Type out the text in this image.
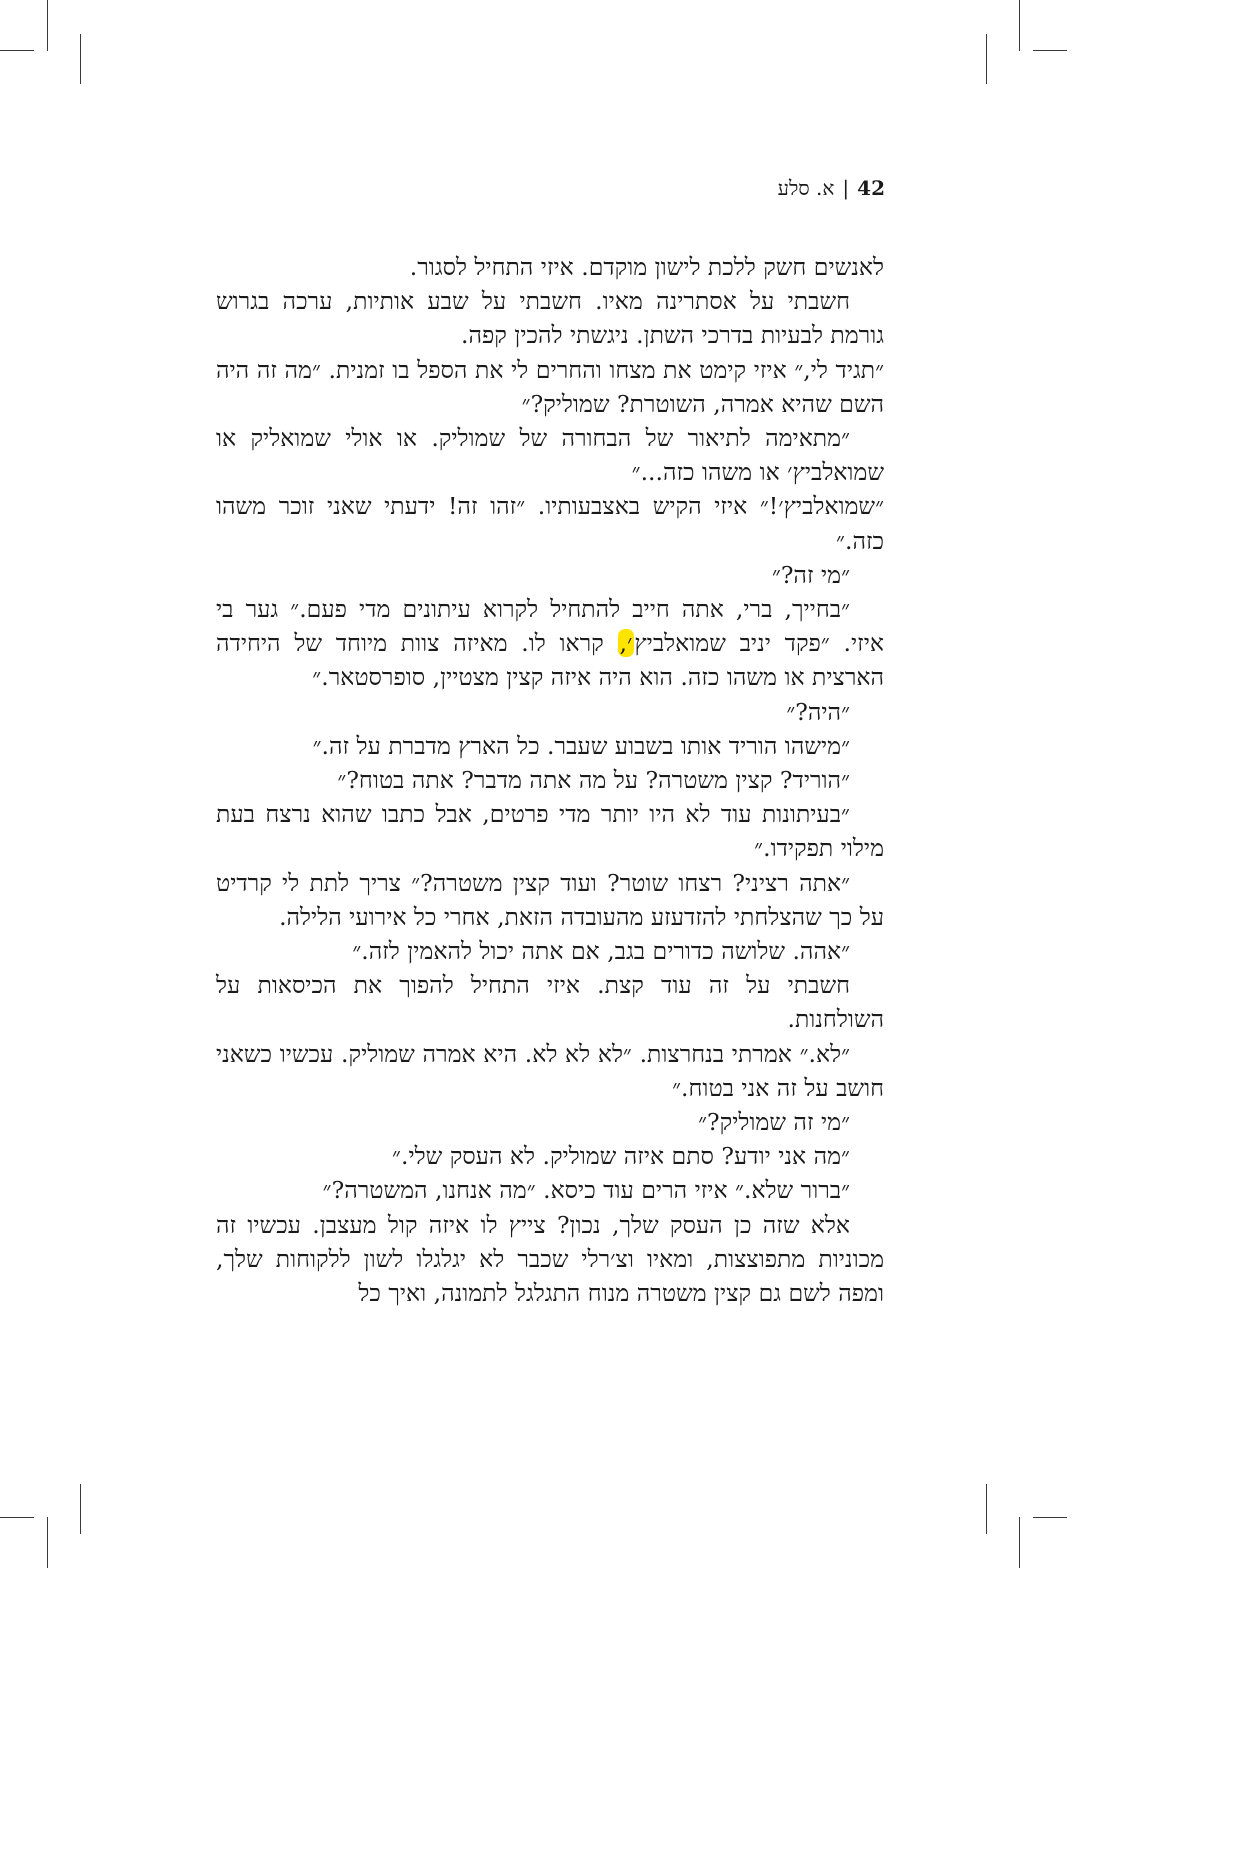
42|א. סלע

לאנשים חשק ללכת לישון מוקדם. איזי התחיל לסגור.

חשבתי על אסתרינה מאיו. חשבתי על שבע אותיות, ערכה בגרוש גורמת לבעיות בדרכי השתן. ניגשתי להכין קפה.

״תגיד לי,״ איזי קימט את מצחו והחרים לי את הספל בו זמנית. ״מה זה היה השם שהיא אמרה, השוטרת? שמוליק?״

״מתאימה לתיאור של הבחורה של שמוליק. או אולי שמואליק או שמואלביץ׳ או משהו כזה...״

״שמואלביץ׳!״ איזי הקיש באצבעותיו. ״זהו זה! ידעתי שאני זוכר משהו כזה.״

״מי זה?״

״בחייך, ברי, אתה חייב להתחיל לקרוא עיתונים מדי פעם.״ גער בי איזי. ״פקד יניב שמואלביץ׳, קראו לו. מאיזה צוות מיוחד של היחידה הארצית או משהו כזה. הוא היה איזה קצין מצטיין, סופרסטאר.״

״היה?״

״מישהו הוריד אותו בשבוע שעבר. כל הארץ מדברת על זה.״

״הוריד? קצין משטרה? על מה אתה מדבר? אתה בטוח?״

״בעיתונות עוד לא היו יותר מדי פרטים, אבל כתבו שהוא נרצח בעת מילוי תפקידו.״

״אתה רציני? רצחו שוטר? ועוד קצין משטרה?״ צריך לתת לי קרדיט על כך שהצלחתי להזדעזע מהעובדה הזאת, אחרי כל אירועי הלילה.

״אהה. שלושה כדורים בגב, אם אתה יכול להאמין לזה.״

חשבתי על זה עוד קצת. איזי התחיל להפוך את הכיסאות על השולחנות.

״לא.״ אמרתי בנחרצות. ״לא לא לא. היא אמרה שמוליק. עכשיו כשאני חושב על זה אני בטוח.״

״מי זה שמוליק?״

״מה אני יודע? סתם איזה שמוליק. לא העסק שלי.״

״ברור שלא.״ איזי הרים עוד כיסא. ״מה אנחנו, המשטרה?״

אלא שזה כן העסק שלך, נכון? צייץ לו איזה קול מעצבן. עכשיו זה מכוניות מתפוצצות, ומאיו וצ׳רלי שכבר לא יגלגלו לשון ללקוחות שלך, ומפה לשם גם קצין משטרה מנוח התגלגל לתמונה, ואיך כל
